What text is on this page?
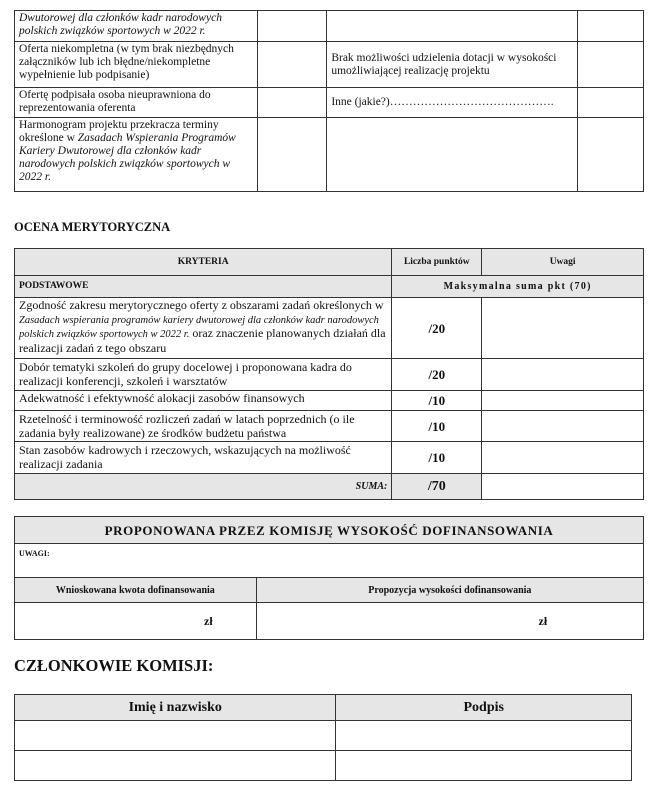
Dwutorowej dla członków kadr narodowych polskich związków sportowych w 2022 r.			
Oferta niekompletna (w tym brak niezbędnych załączników lub ich błędne/niekompletne wypełnienie lub podpisanie)		Brak możliwości udzielenia dotacji w wysokości umożliwiającej realizację projektu	
Ofertę podpisała osoba nieuprawniona do reprezentowania oferenta		Inne (jakie?)…………………………………….	
Harmonogram projektu przekracza terminy określone w Zasadach Wspierania Programów Kariery Dwutorowej dla członków kadr narodowych polskich związków sportowych w 2022 r.			
OCENA MERYTORYCZNA
KRYTERIA	Liczba punktów	Uwagi
PODSTAWOWE	Maksymalna suma pkt (70)	
Zgodność zakresu merytorycznego oferty z obszarami zadań określonych w Zasadach wspierania programów kariery dwutorowej dla członków kadr narodowych polskich związków sportowych w 2022 r. oraz znaczenie planowanych działań dla realizacji zadań z tego obszaru	/20	
Dobór tematyki szkoleń do grupy docelowej i proponowana kadra do realizacji konferencji, szkoleń i warsztatów	/20	
Adekwatność i efektywność alokacji zasobów finansowych	/10	
Rzetelność i terminowość rozliczeń zadań w latach poprzednich (o ile zadania były realizowane) ze środków budżetu państwa	/10	
Stan zasobów kadrowych i rzeczowych, wskazujących na możliwość realizacji zadania	/10	
SUMA:	/70	
PROPONOWANA PRZEZ KOMISJĘ WYSOKOŚĆ DOFINANSOWANIA	
UWAGI:	
Wnioskowana kwota dofinansowania	Propozycja wysokości dofinansowania
zł	zł
CZŁONKOWIE KOMISJI:
Imię i nazwisko	Podpis
